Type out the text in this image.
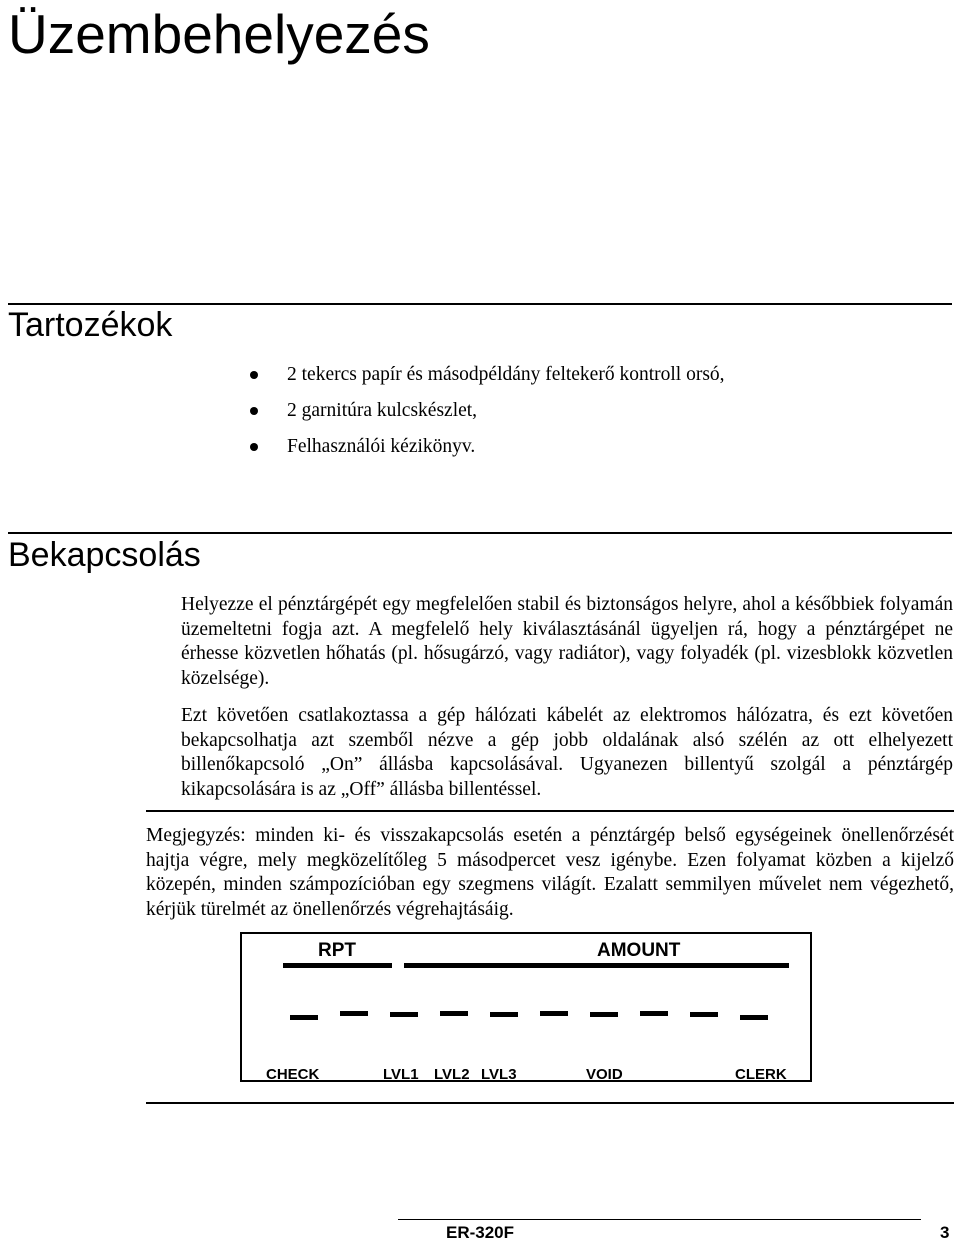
Üzembehelyezés
Tartozékok
2 tekercs papír és másodpéldány feltekerő kontroll orsó,
2 garnitúra kulcskészlet,
Felhasználói kézikönyv.
Bekapcsolás

Helyezze el pénztárgépét egy megfelelően stabil és biztonságos helyre, ahol a későbbiek folyamán üzemeltetni fogja azt. A megfelelő hely kiválasztásánál ügyeljen rá, hogy a pénztárgépet ne érhesse közvetlen hőhatás (pl. hősugárzó, vagy radiátor), vagy folyadék (pl. vizesblokk közvetlen közelsége).

Ezt követően csatlakoztassa a gép hálózati kábelét az elektromos hálózatra, és ezt követően bekapcsolhatja azt szemből nézve a gép jobb oldalának alsó szélén az ott elhelyezett billenőkapcsoló „On” állásba kapcsolásával. Ugyanezen billentyű szolgál a pénztárgép kikapcsolására is az „Off” állásba billentéssel.

Megjegyzés: minden ki- és visszakapcsolás esetén a pénztárgép belső egységeinek önellenőrzését hajtja végre, mely megközelítőleg 5 másodpercet vesz igénybe. Ezen folyamat közben a kijelző közepén, minden számpozícióban egy szegmens világít. Ezalatt semmilyen művelet nem végezhető, kérjük türelmét az önellenőrzés végrehajtásáig.

RPT	AMOUNT
CHECK	LVL1 LVL2 LVL3	VOID	CLERK
ER-320F	3
